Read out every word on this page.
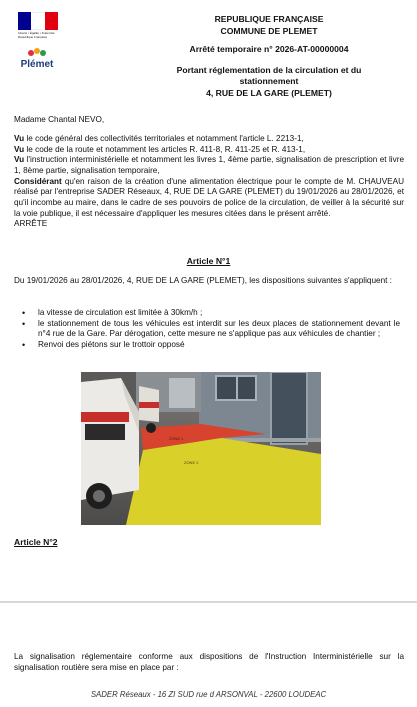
Liberté • Égalité • Fraternité
République Française
Plémet
REPUBLIQUE FRANÇAISE
COMMUNE DE PLEMET
Arrêté temporaire n° 2026-AT-00000004
Portant réglementation de la circulation et du
stationnement
4, RUE DE LA GARE (PLEMET)
Madame Chantal NEVO,

Vu le code général des collectivités territoriales et notamment l'article L. 2213-1,

Vu le code de la route et notamment les articles R. 411-8, R. 411-25 et R. 413-1,

Vu l'instruction interministérielle et notamment les livres 1, 4ème partie, signalisation de prescription et livre 1, 8ème partie, signalisation temporaire,

Considérant qu'en raison de la création d'une alimentation électrique pour le compte de M. CHAUVEAU réalisé par l'entreprise SADER Réseaux, 4, RUE DE LA GARE (PLEMET) du 19/01/2026 au 28/01/2026, et qu'il incombe au maire, dans le cadre de ses pouvoirs de police de la circulation, de veiller à la sécurité sur la voie publique, il est nécessaire d'appliquer les mesures citées dans le présent arrêté.

ARRÊTE

Article N°1
Du 19/01/2026 au 28/01/2026, 4, RUE DE LA GARE (PLEMET), les dispositions suivantes s'appliquent :
• la vitesse de circulation est limitée à 30km/h ;
• le stationnement de tous les véhicules est interdit sur les deux places de stationnement devant le n°4 rue de la Gare. Par dérogation, cette mesure ne s'applique pas aux véhicules de chantier ;
• Renvoi des piétons sur le trottoir opposé
ZONE 1
ZONE 2
Article N°2
La signalisation réglementaire conforme aux dispositions de l'Instruction Interministérielle sur la signalisation routière sera mise en place par :
SADER Réseaux - 16 ZI SUD rue d ARSONVAL - 22600 LOUDEAC
